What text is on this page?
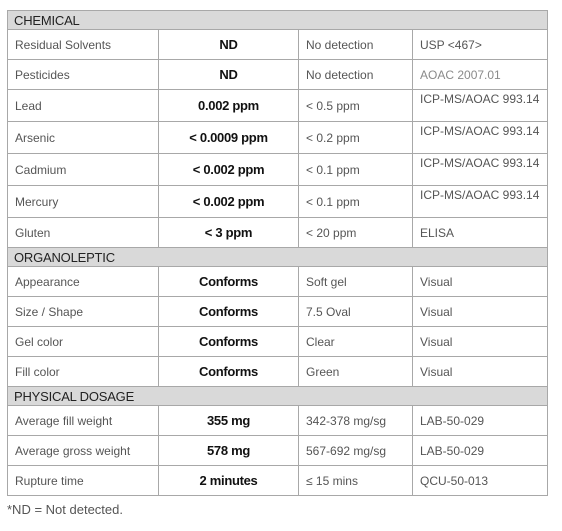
CHEMICAL			
Residual Solvents	ND	No detection	USP <467>
Pesticides	ND	No detection	AOAC 2007.01
Lead	0.002 ppm	< 0.5 ppm	ICP-MS/AOAC 993.14
Arsenic	< 0.0009 ppm	< 0.2 ppm	ICP-MS/AOAC 993.14
Cadmium	< 0.002 ppm	< 0.1 ppm	ICP-MS/AOAC 993.14
Mercury	< 0.002 ppm	< 0.1 ppm	ICP-MS/AOAC 993.14
Gluten	< 3 ppm	< 20 ppm	ELISA
ORGANOLEPTIC			
Appearance	Conforms	Soft gel	Visual
Size / Shape	Conforms	7.5 Oval	Visual
Gel color	Conforms	Clear	Visual
Fill color	Conforms	Green	Visual
PHYSICAL DOSAGE			
Average fill weight	355 mg	342-378 mg/sg	LAB-50-029
Average gross weight	578 mg	567-692 mg/sg	LAB-50-029
Rupture time	2 minutes	≤ 15 mins	QCU-50-013
*ND = Not detected.
